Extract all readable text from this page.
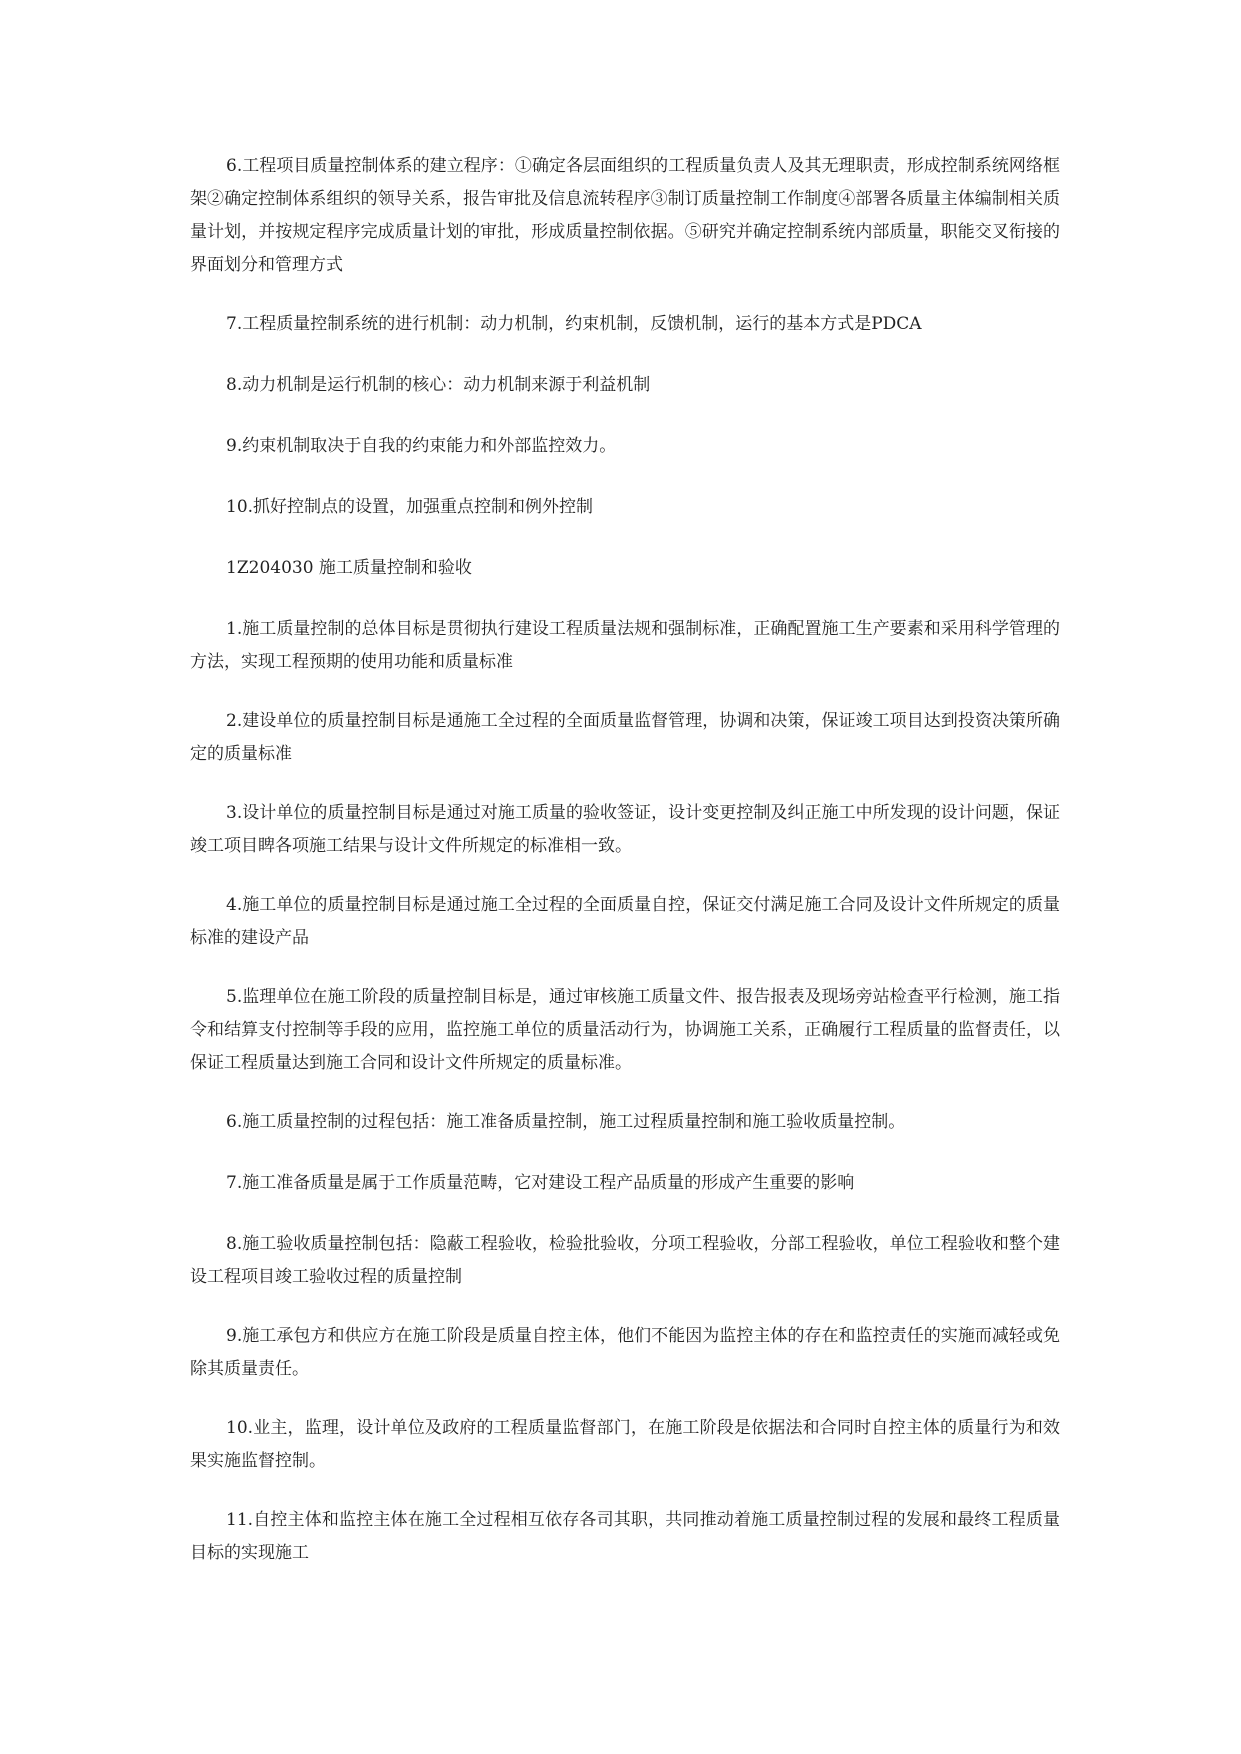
6.工程项目质量控制体系的建立程序：①确定各层面组织的工程质量负责人及其无理职责，形成控制系统网络框架②确定控制体系组织的领导关系，报告审批及信息流转程序③制订质量控制工作制度④部署各质量主体编制相关质量计划，并按规定程序完成质量计划的审批，形成质量控制依据。⑤研究并确定控制系统内部质量，职能交叉衔接的界面划分和管理方式

7.工程质量控制系统的进行机制：动力机制，约束机制，反馈机制，运行的基本方式是PDCA

8.动力机制是运行机制的核心：动力机制来源于利益机制

9.约束机制取决于自我的约束能力和外部监控效力。

10.抓好控制点的设置，加强重点控制和例外控制

1Z204030 施工质量控制和验收

1.施工质量控制的总体目标是贯彻执行建设工程质量法规和强制标准，正确配置施工生产要素和采用科学管理的方法，实现工程预期的使用功能和质量标准

2.建设单位的质量控制目标是通施工全过程的全面质量监督管理，协调和决策，保证竣工项目达到投资决策所确定的质量标准

3.设计单位的质量控制目标是通过对施工质量的验收签证，设计变更控制及纠正施工中所发现的设计问题，保证竣工项目睥各项施工结果与设计文件所规定的标准相一致。

4.施工单位的质量控制目标是通过施工全过程的全面质量自控，保证交付满足施工合同及设计文件所规定的质量标准的建设产品

5.监理单位在施工阶段的质量控制目标是，通过审核施工质量文件、报告报表及现场旁站检查平行检测，施工指令和结算支付控制等手段的应用，监控施工单位的质量活动行为，协调施工关系，正确履行工程质量的监督责任，以保证工程质量达到施工合同和设计文件所规定的质量标准。

6.施工质量控制的过程包括：施工准备质量控制，施工过程质量控制和施工验收质量控制。

7.施工准备质量是属于工作质量范畴，它对建设工程产品质量的形成产生重要的影响

8.施工验收质量控制包括：隐蔽工程验收，检验批验收，分项工程验收，分部工程验收，单位工程验收和整个建设工程项目竣工验收过程的质量控制

9.施工承包方和供应方在施工阶段是质量自控主体，他们不能因为监控主体的存在和监控责任的实施而减轻或免除其质量责任。

10.业主，监理，设计单位及政府的工程质量监督部门，在施工阶段是依据法和合同时自控主体的质量行为和效果实施监督控制。

11.自控主体和监控主体在施工全过程相互依存各司其职，共同推动着施工质量控制过程的发展和最终工程质量目标的实现施工
